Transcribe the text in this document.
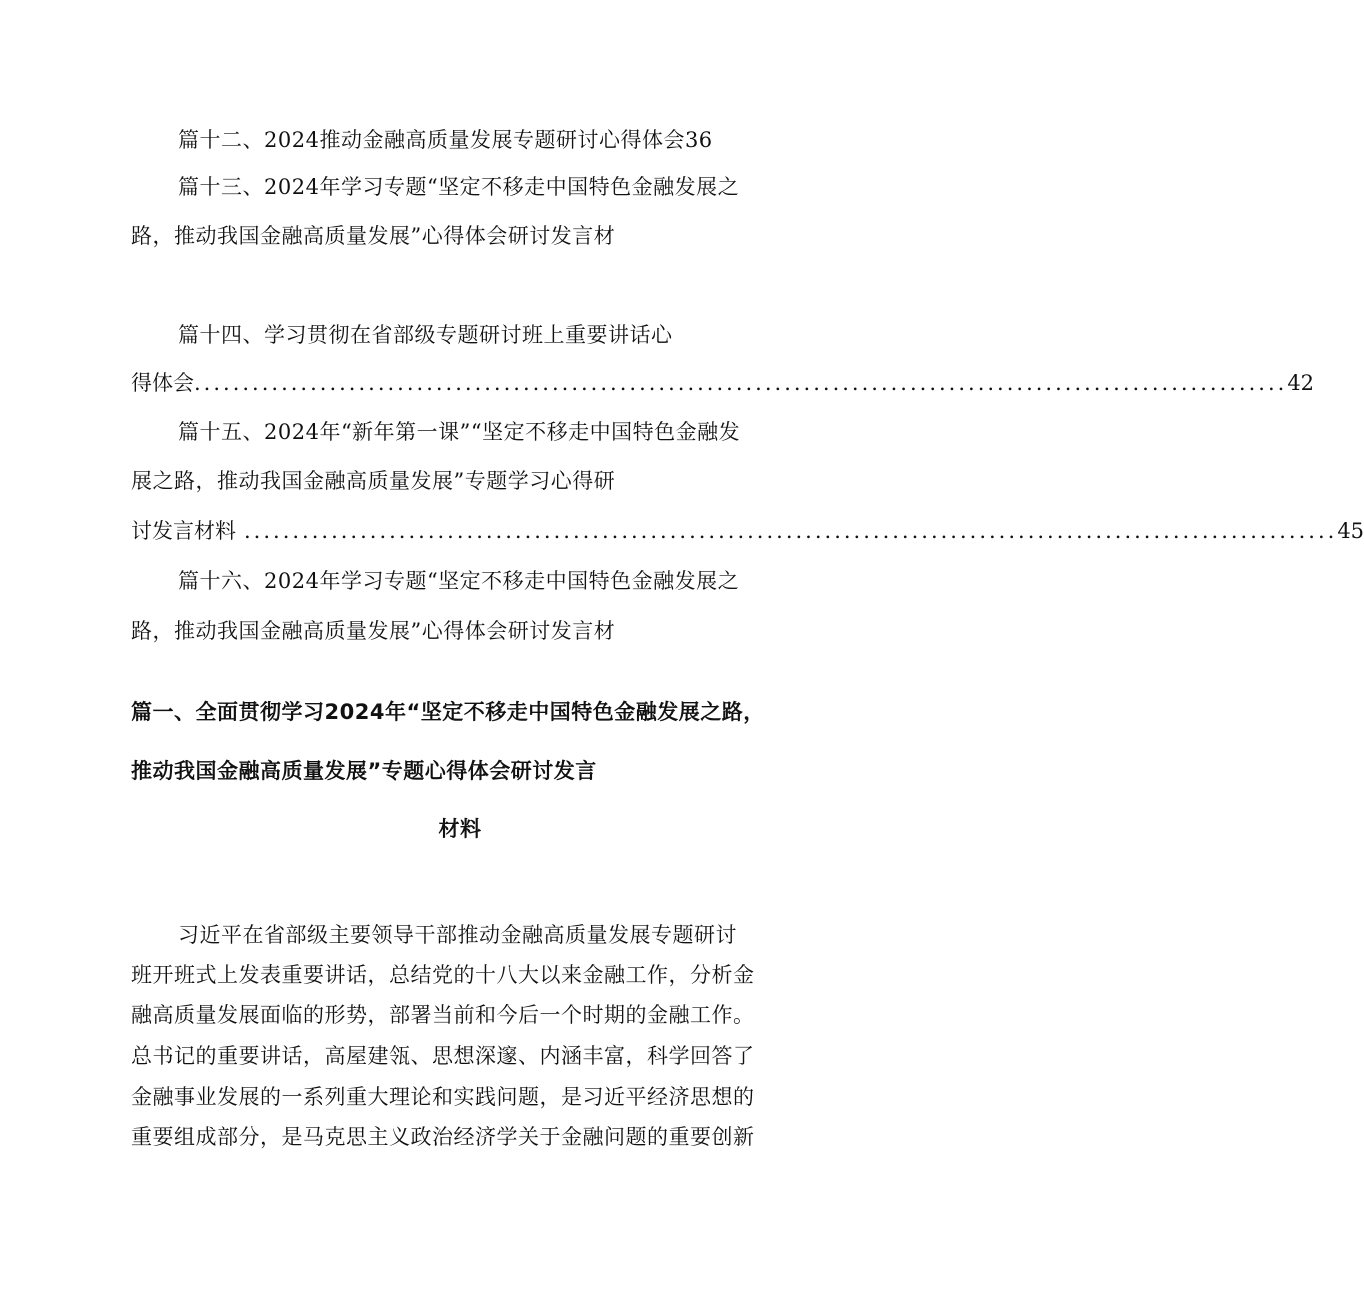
篇十二、2024推动金融高质量发展专题研讨心得体会36
篇十三、2024年学习专题“坚定不移走中国特色金融发展之
路，推动我国金融高质量发展”心得体会研讨发言材
篇十四、学习贯彻在省部级专题研讨班上重要讲话心
得体会 ................................................................................................................. 42
篇十五、2024年“新年第一课”“坚定不移走中国特色金融发
展之路，推动我国金融高质量发展”专题学习心得研
讨发言材料 ................................................................................................................. 45
篇十六、2024年学习专题“坚定不移走中国特色金融发展之
路，推动我国金融高质量发展”心得体会研讨发言材
篇一、全面贯彻学习2024年“坚定不移走中国特色金融发展之路，
推动我国金融高质量发展”专题心得体会研讨发言
材料
习近平在省部级主要领导干部推动金融高质量发展专题研讨
班开班式上发表重要讲话，总结党的十八大以来金融工作，分析金
融高质量发展面临的形势，部署当前和今后一个时期的金融工作。
总书记的重要讲话，高屋建瓴、思想深邃、内涵丰富，科学回答了
金融事业发展的一系列重大理论和实践问题，是习近平经济思想的
重要组成部分，是马克思主义政治经济学关于金融问题的重要创新
